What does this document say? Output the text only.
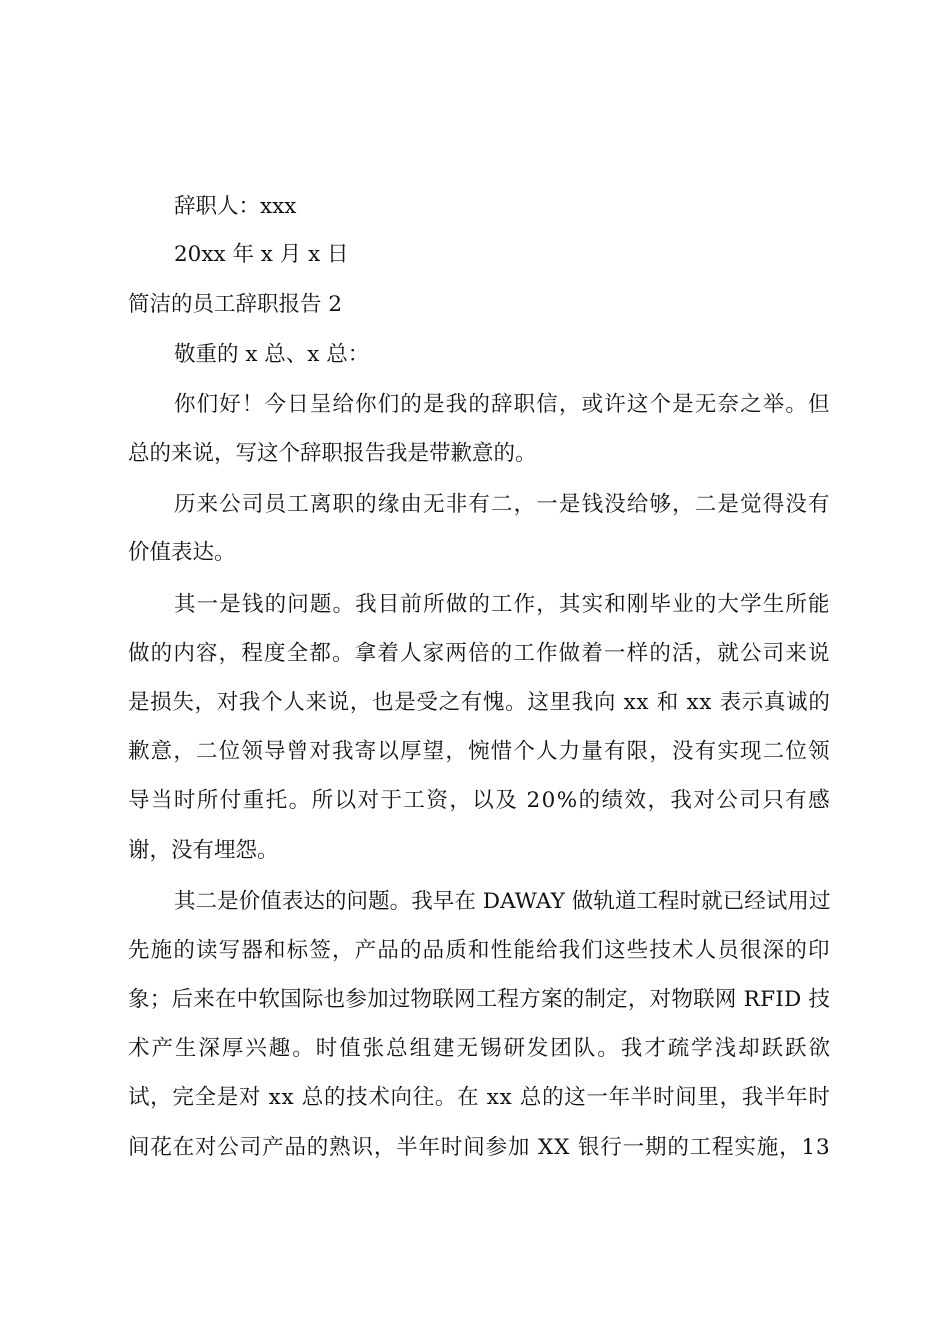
辞职人：xxx
20xx 年 x 月 x 日
简洁的员工辞职报告 2
敬重的 x 总、x 总：
你们好！今日呈给你们的是我的辞职信，或许这个是无奈之举。但
总的来说，写这个辞职报告我是带歉意的。
历来公司员工离职的缘由无非有二，一是钱没给够，二是觉得没有
价值表达。
其一是钱的问题。我目前所做的工作，其实和刚毕业的大学生所能
做的内容，程度全都。拿着人家两倍的工作做着一样的活，就公司来说
是损失，对我个人来说，也是受之有愧。这里我向 xx 和 xx 表示真诚的
歉意，二位领导曾对我寄以厚望，惋惜个人力量有限，没有实现二位领
导当时所付重托。所以对于工资，以及 20%的绩效，我对公司只有感
谢，没有埋怨。
其二是价值表达的问题。我早在 DAWAY 做轨道工程时就已经试用过
先施的读写器和标签，产品的品质和性能给我们这些技术人员很深的印
象；后来在中软国际也参加过物联网工程方案的制定，对物联网 RFID 技
术产生深厚兴趣。时值张总组建无锡研发团队。我才疏学浅却跃跃欲
试，完全是对 xx 总的技术向往。在 xx 总的这一年半时间里，我半年时
间花在对公司产品的熟识，半年时间参加 XX 银行一期的工程实施，13
